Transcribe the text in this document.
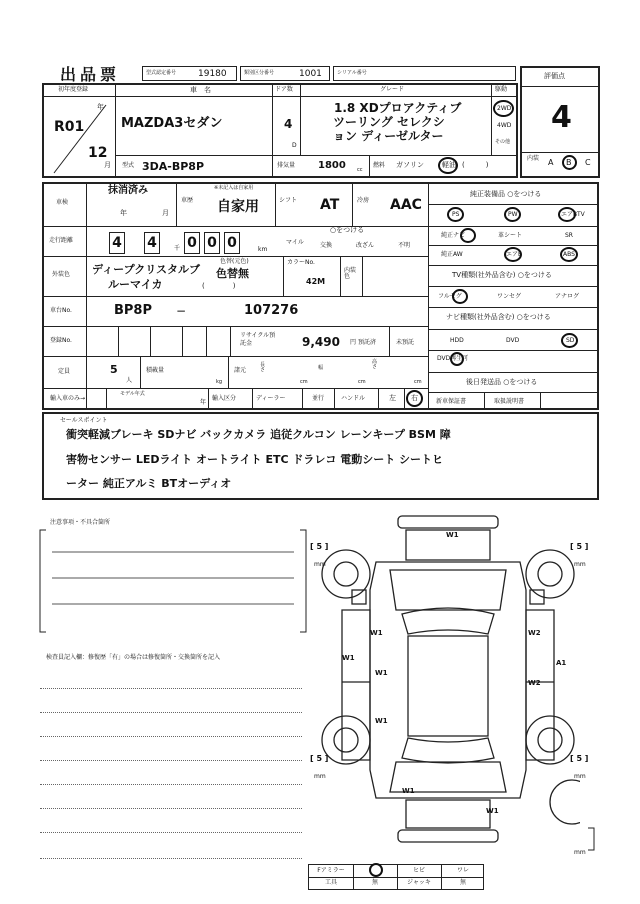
出品票	型式認定番号 19180	類別区分番号	1001	シリアル番号	評価点
4
内装 A B C
初年度登録	車　名	ドア数	グレード	駆動
年
R01
12
月
MAZDA3セダン	4
D
1.8 XDプロアクティブ
ツーリング セレクシ
ョン ディーゼルター
2WD
4WD
その他
型式 3DA-BP8P	排気量 1800 cc
燃料 ガソリン	軽油 (　　　)
車検
抹消済み
年	月
車歴
※未記入は自家用
自家用	シフト AT	冷房 AAC
走行距離	4 4	千 0 0 0	km
マイル
○をつける
交換	改ざん	不明
外装色 ディープクリスタルブ
ルーマイカ
色替(元色)
色替無
(　　　　)
カラーNo.
42M
内装色
車台No.	BP8P −	107276
登録No.
リサイクル預託金	9,490 円 預託済	未預託
定員	5
人
積載量
kg
諸元
長さ
cm
幅
cm
高さ
cm
輸入車のみ→
モデル年式
年
輸入区分	ディーラー	並行	ハンドル	左 右
純正装備品 ○をつける
PS	PW	エアB TV
純正ナビ	革シート	SR
純正AW	エアB	ABS
TV種類(社外品含む) ○をつける
フルセグ	ワンセグ	アナログ
ナビ種類(社外品含む) ○をつける
HDD	DVD	SD
DVD再生可
後日発送品 ○をつける
新車保証書	取扱説明書
セールスポイント
衝突軽減ブレーキ SDナビ バックカメラ 追従クルコン レーンキープ BSM 障
害物センサー LEDライト オートライト ETC ドラレコ 電動シート シートヒ
ーター 純正アルミ BTオーディオ
注意事項・不具合箇所
検査員記入欄：修復歴「有」の場合は修復箇所・交換箇所を記入
W1
W1
W1
W2
W1
W1
W2
A1
W1
W1
[ 5 ]
mm
[ 5 ]
mm
[ 5 ]
mm
[ 5 ]
mm
mm
Fアミラー	ヒビ	ワレ
工具	無	ジャッキ	無
